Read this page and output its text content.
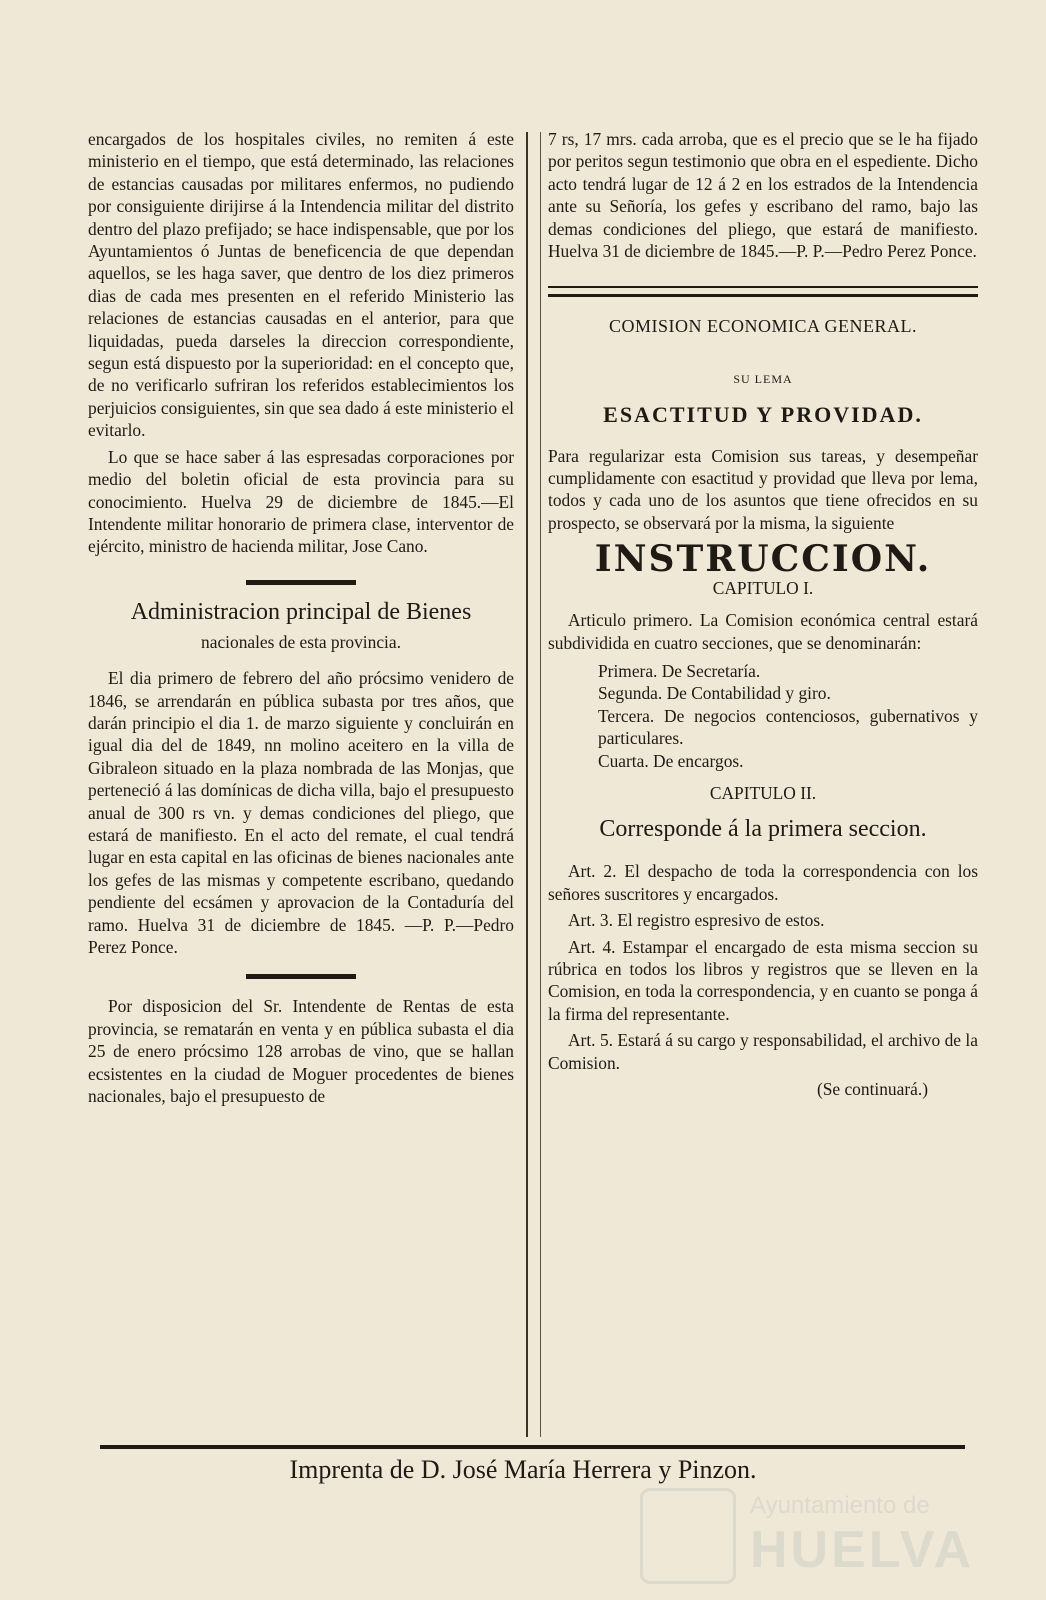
encargados de los hospitales civiles, no remiten á este ministerio en el tiempo, que está determinado, las relaciones de estancias causadas por militares enfermos, no pudiendo por consiguiente dirijirse á la Intendencia militar del distrito dentro del plazo prefijado; se hace indispensable, que por los Ayuntamientos ó Juntas de beneficencia de que dependan aquellos, se les haga saver, que dentro de los diez primeros dias de cada mes presenten en el referido Ministerio las relaciones de estancias causadas en el anterior, para que liquidadas, pueda darseles la direccion correspondiente, segun está dispuesto por la superioridad: en el concepto que, de no verificarlo sufriran los referidos establecimientos los perjuicios consiguientes, sin que sea dado á este ministerio el evitarlo.

Lo que se hace saber á las espresadas corporaciones por medio del boletin oficial de esta provincia para su conocimiento. Huelva 29 de diciembre de 1845.—El Intendente militar honorario de primera clase, interventor de ejército, ministro de hacienda militar, Jose Cano.

Administracion principal de Bienes
nacionales de esta provincia.

El dia primero de febrero del año prócsimo venidero de 1846, se arrendarán en pública subasta por tres años, que darán principio el dia 1. de marzo siguiente y concluirán en igual dia del de 1849, nn molino aceitero en la villa de Gibraleon situado en la plaza nombrada de las Monjas, que perteneció á las domínicas de dicha villa, bajo el presupuesto anual de 300 rs vn. y demas condiciones del pliego, que estará de manifiesto. En el acto del remate, el cual tendrá lugar en esta capital en las oficinas de bienes nacionales ante los gefes de las mismas y competente escribano, quedando pendiente del ecsámen y aprovacion de la Contaduría del ramo. Huelva 31 de diciembre de 1845. —P. P.—Pedro Perez Ponce.

Por disposicion del Sr. Intendente de Rentas de esta provincia, se rematarán en venta y en pública subasta el dia 25 de enero prócsimo 128 arrobas de vino, que se hallan ecsistentes en la ciudad de Moguer procedentes de bienes nacionales, bajo el presupuesto de

7 rs, 17 mrs. cada arroba, que es el precio que se le ha fijado por peritos segun testimonio que obra en el espediente. Dicho acto tendrá lugar de 12 á 2 en los estrados de la Intendencia ante su Señoría, los gefes y escribano del ramo, bajo las demas condiciones del pliego, que estará de manifiesto. Huelva 31 de diciembre de 1845.—P. P.—Pedro Perez Ponce.

COMISION ECONOMICA GENERAL.
SU LEMA
ESACTITUD Y PROVIDAD.

Para regularizar esta Comision sus tareas, y desempeñar cumplidamente con esactitud y providad que lleva por lema, todos y cada uno de los asuntos que tiene ofrecidos en su prospecto, se observará por la misma, la siguiente

INSTRUCCION.
CAPITULO I.

Articulo primero. La Comision económica central estará subdividida en cuatro secciones, que se denominarán:

Primera. De Secretaría.
Segunda. De Contabilidad y giro.
Tercera. De negocios contenciosos, gubernativos y particulares.
Cuarta. De encargos.
CAPITULO II.
Corresponde á la primera seccion.

Art. 2. El despacho de toda la correspondencia con los señores suscritores y encargados.

Art. 3. El registro espresivo de estos.

Art. 4. Estampar el encargado de esta misma seccion su rúbrica en todos los libros y registros que se lleven en la Comision, en toda la correspondencia, y en cuanto se ponga á la firma del representante.

Art. 5. Estará á su cargo y responsabilidad, el archivo de la Comision.

(Se continuará.)
Imprenta de D. José María Herrera y Pinzon.
Ayuntamiento de
HUELVA
